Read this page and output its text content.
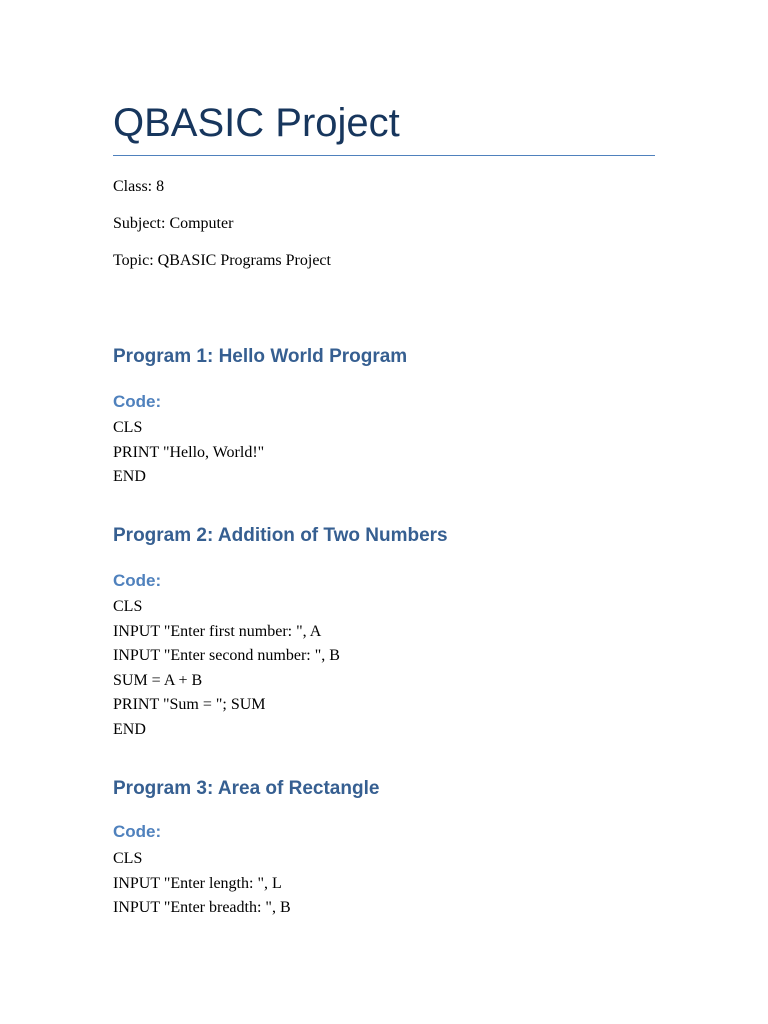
QBASIC Project

Class: 8

Subject: Computer

Topic: QBASIC Programs Project

Program 1: Hello World Program
Code:
CLS
PRINT "Hello, World!"
END
Program 2: Addition of Two Numbers
Code:
CLS
INPUT "Enter first number: ", A
INPUT "Enter second number: ", B
SUM = A + B
PRINT "Sum = "; SUM
END
Program 3: Area of Rectangle
Code:
CLS
INPUT "Enter length: ", L
INPUT "Enter breadth: ", B
